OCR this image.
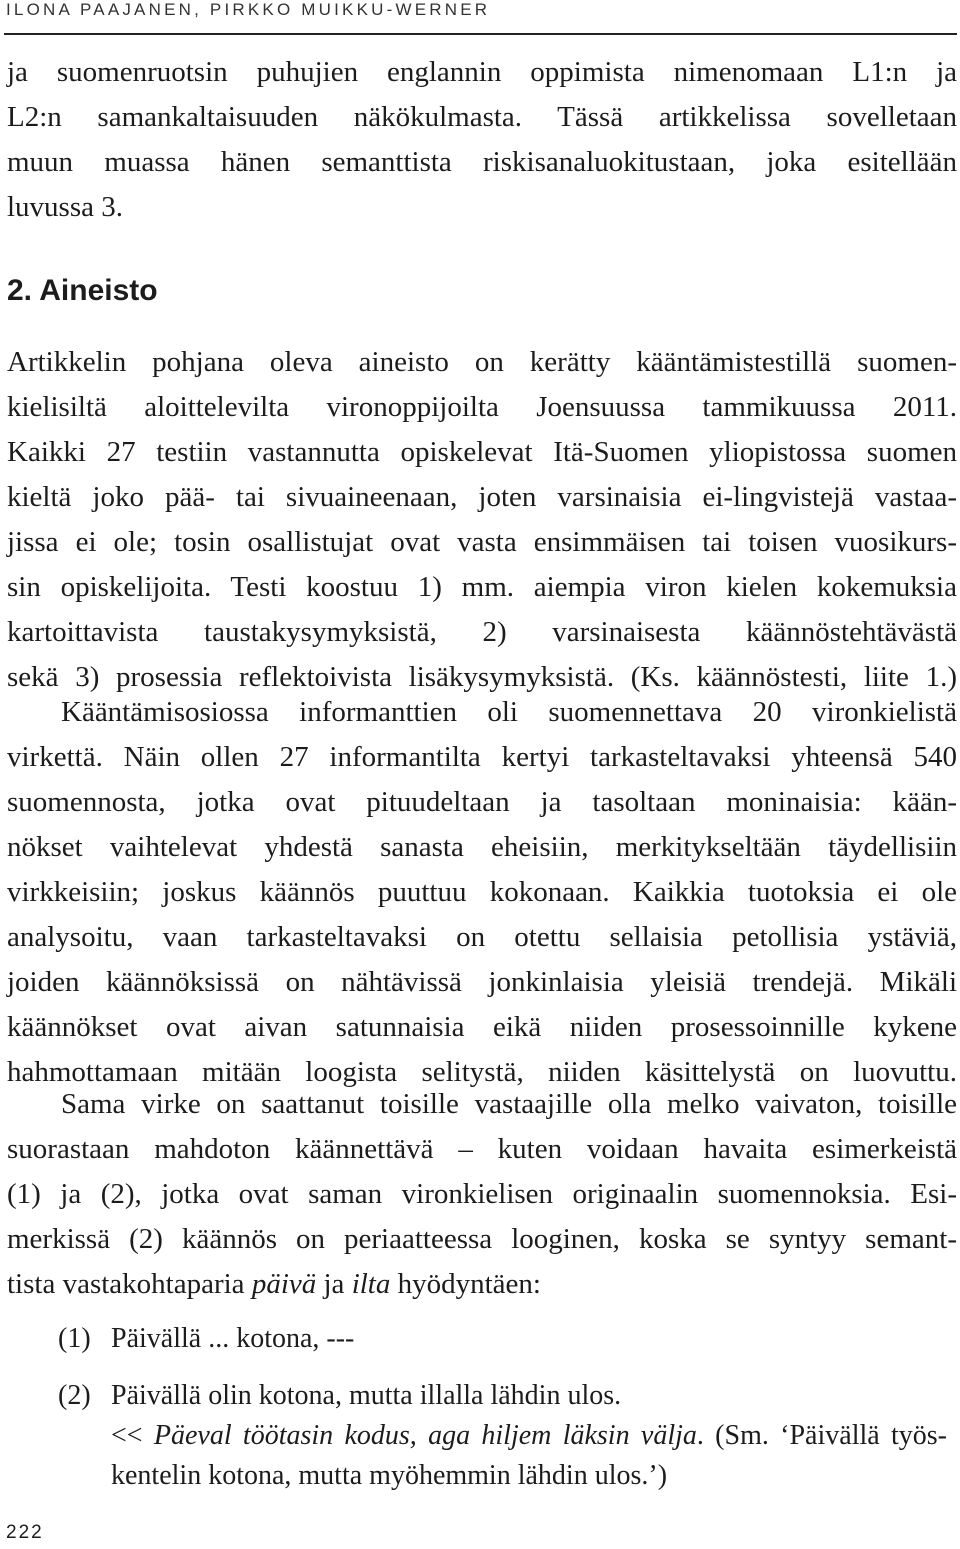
ILONA PAAJANEN, PIRKKO MUIKKU-WERNER
ja suomenruotsin puhujien englannin oppimista nimenomaan L1:n ja
L2:n samankaltaisuuden näkökulmasta. Tässä artikkelissa sovelletaan
muun muassa hänen semanttista riskisanaluokitustaan, joka esitellään
luvussa 3.
2. Aineisto
Artikkelin pohjana oleva aineisto on kerätty kääntämistestillä suomen-
kielisiltä aloittelevilta vironoppijoilta Joensuussa tammikuussa 2011.
Kaikki 27 testiin vastannutta opiskelevat Itä-Suomen yliopistossa suomen
kieltä joko pää- tai sivuaineenaan, joten varsinaisia ei-lingvistejä vastaa-
jissa ei ole; tosin osallistujat ovat vasta ensimmäisen tai toisen vuosikurs-
sin opiskelijoita. Testi koostuu 1) mm. aiempia viron kielen kokemuksia
kartoittavista taustakysymyksistä, 2) varsinaisesta käännöstehtävästä
sekä 3) prosessia reflektoivista lisäkysymyksistä. (Ks. käännöstesti, liite 1.)
Kääntämisosiossa informanttien oli suomennettava 20 vironkielistä
virkettä. Näin ollen 27 informantilta kertyi tarkasteltavaksi yhteensä 540
suomennosta, jotka ovat pituudeltaan ja tasoltaan moninaisia: kään-
nökset vaihtelevat yhdestä sanasta eheisiin, merkitykseltään täydellisiin
virkkeisiin; joskus käännös puuttuu kokonaan. Kaikkia tuotoksia ei ole
analysoitu, vaan tarkasteltavaksi on otettu sellaisia petollisia ystäviä,
joiden käännöksissä on nähtävissä jonkinlaisia yleisiä trendejä. Mikäli
käännökset ovat aivan satunnaisia eikä niiden prosessoinnille kykene
hahmottamaan mitään loogista selitystä, niiden käsittelystä on luovuttu.
Sama virke on saattanut toisille vastaajille olla melko vaivaton, toisille
suorastaan mahdoton käännettävä – kuten voidaan havaita esimerkeistä
(1) ja (2), jotka ovat saman vironkielisen originaalin suomennoksia. Esi-
merkissä (2) käännös on periaatteessa looginen, koska se syntyy semant-
tista vastakohtaparia päivä ja ilta hyödyntäen:
(1) Päivällä ... kotona, ---
(2) Päivällä olin kotona, mutta illalla lähdin ulos.
<< Päeval töötasin kodus, aga hiljem läksin välja. (Sm. ‘Päivällä työs-
kentelin kotona, mutta myöhemmin lähdin ulos.’)
222
